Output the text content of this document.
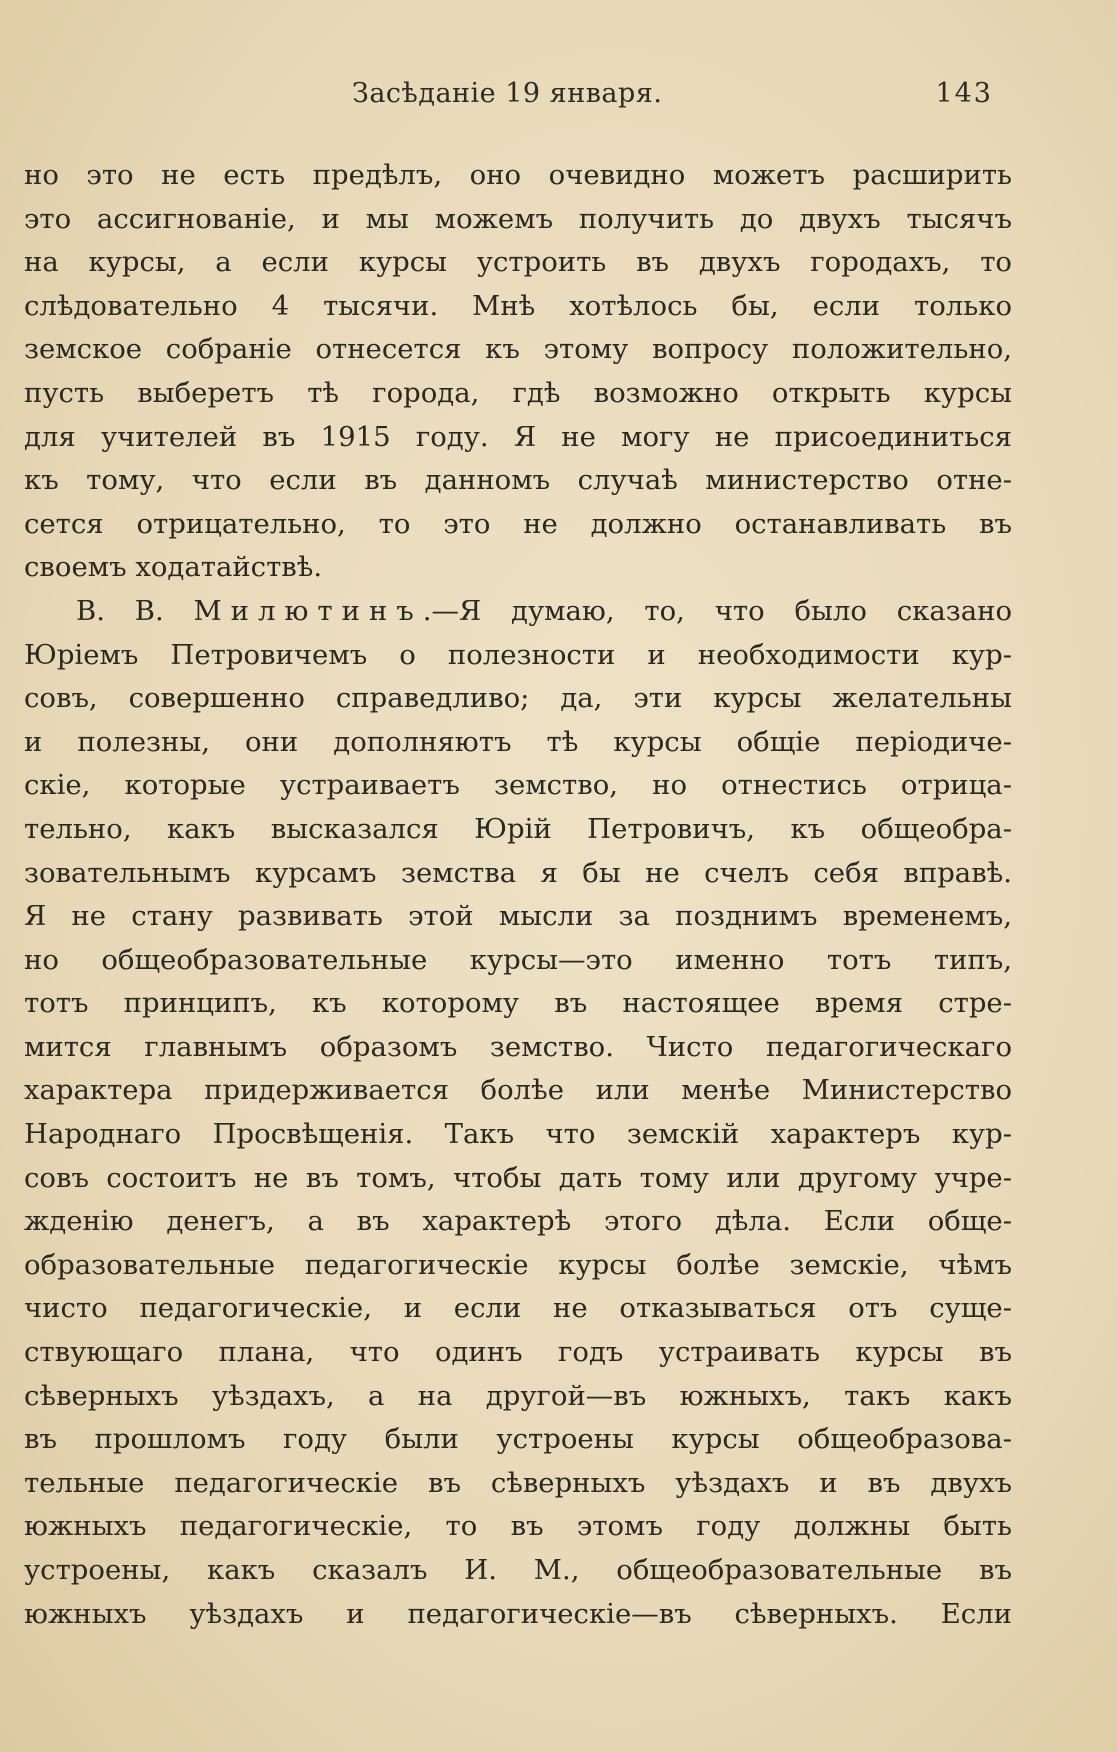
Засѣданіе 19 января.	143
но это не есть предѣлъ, оно очевидно можетъ расширить
это ассигнованіе, и мы можемъ получить до двухъ тысячъ
на курсы, а если курсы устроить въ двухъ городахъ, то
слѣдовательно 4 тысячи. Мнѣ хотѣлось бы, если только
земское собраніе отнесется къ этому вопросу положительно,
пусть выберетъ тѣ города, гдѣ возможно открыть курсы
для учителей въ 1915 году. Я не могу не присоединиться
къ тому, что если въ данномъ случаѣ министерство отне-
сется отрицательно, то это не должно останавливать въ
своемъ ходатайствѣ.
В. В. Милютинъ.—Я думаю, то, что было сказано
Юріемъ Петровичемъ о полезности и необходимости кур-
совъ, совершенно справедливо; да, эти курсы желательны
и полезны, они дополняютъ тѣ курсы общіе періодиче-
скіе, которые устраиваетъ земство, но отнестись отрица-
тельно, какъ высказался Юрій Петровичъ, къ общеобра-
зовательнымъ курсамъ земства я бы не счелъ себя вправѣ.
Я не стану развивать этой мысли за позднимъ временемъ,
но общеобразовательные курсы—это именно тотъ типъ,
тотъ принципъ, къ которому въ настоящее время стре-
мится главнымъ образомъ земство. Чисто педагогическаго
характера придерживается болѣе или менѣе Министерство
Народнаго Просвѣщенія. Такъ что земскій характеръ кур-
совъ состоитъ не въ томъ, чтобы дать тому или другому учре-
жденію денегъ, а въ характерѣ этого дѣла. Если обще-
образовательные педагогическіе курсы болѣе земскіе, чѣмъ
чисто педагогическіе, и если не отказываться отъ суще-
ствующаго плана, что одинъ годъ устраивать курсы въ
сѣверныхъ уѣздахъ, а на другой—въ южныхъ, такъ какъ
въ прошломъ году были устроены курсы общеобразова-
тельные педагогическіе въ сѣверныхъ уѣздахъ и въ двухъ
южныхъ педагогическіе, то въ этомъ году должны быть
устроены, какъ сказалъ И. М., общеобразовательные въ
южныхъ уѣздахъ и педагогическіе—въ сѣверныхъ. Если
